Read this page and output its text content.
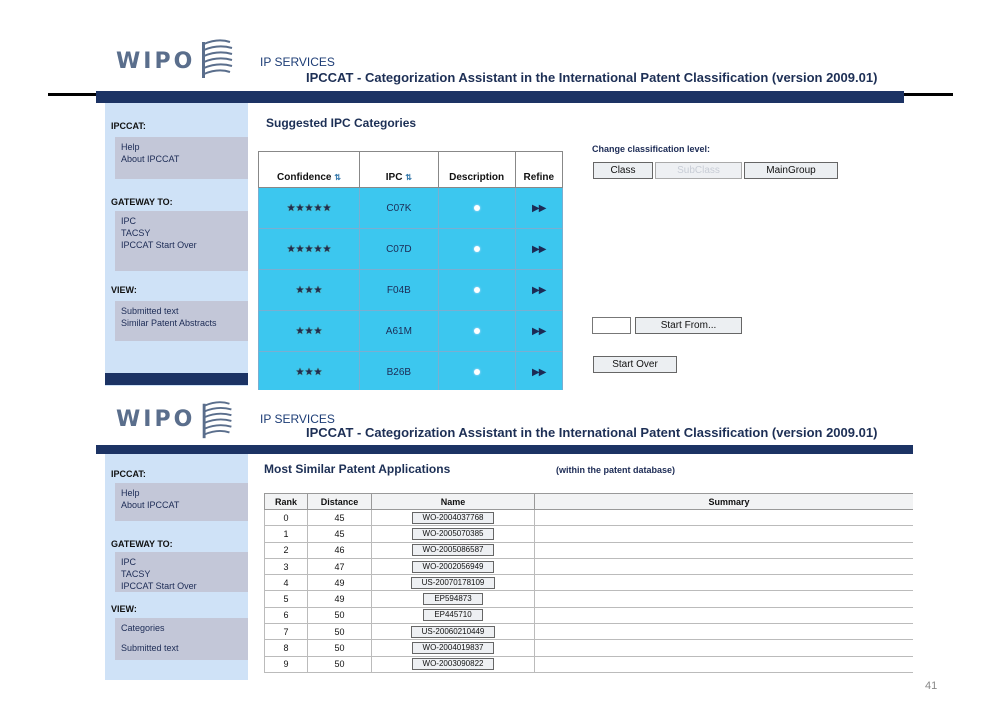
WIPO	IP SERVICES
IPCCAT - Categorization Assistant in the International Patent Classification (version 2009.01)
IPCCAT:
Help
About IPCCAT
GATEWAY TO:
IPC
TACSY
IPCCAT Start Over
VIEW:
Submitted text
Similar Patent Abstracts
Suggested IPC Categories
Confidence ⇅	IPC ⇅	Description	Refine
★★★★★	C07K		▶▶
★★★★★	C07D		▶▶
★★★	F04B		▶▶
★★★	A61M		▶▶
★★★	B26B		▶▶
Change classification level:
Class	SubClass	MainGroup
Start From...
Start Over
WIPO	IP SERVICES
IPCCAT - Categorization Assistant in the International Patent Classification (version 2009.01)
IPCCAT:
Help
About IPCCAT
GATEWAY TO:
IPC
TACSY
IPCCAT Start Over
VIEW:
Categories
Submitted text
Most Similar Patent Applications	(within the patent database)
Rank	Distance	Name	Summary
0	45	WO-2004037768	
1	45	WO-2005070385	
2	46	WO-2005086587	
3	47	WO-2002056949	
4	49	US-20070178109	
5	49	EP594873	
6	50	EP445710	
7	50	US-20060210449	
8	50	WO-2004019837	
9	50	WO-2003090822	
41
